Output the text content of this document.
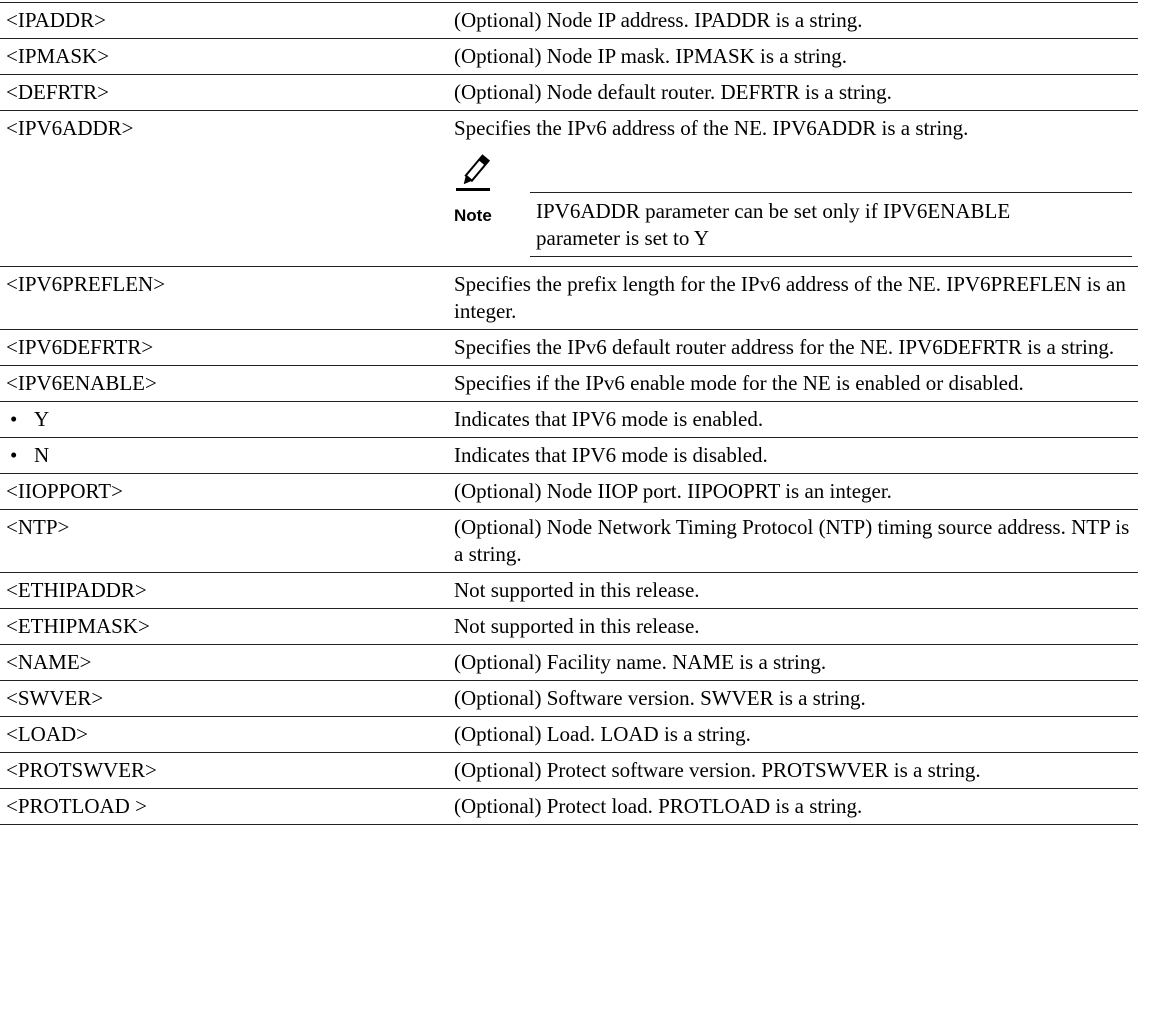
<IPADDR>	(Optional) Node IP address. IPADDR is a string.

<IPMASK>	(Optional) Node IP mask. IPMASK is a string.

<DEFRTR>	(Optional) Node default router. DEFRTR is a string.

<IPV6ADDR>	Specifies the IPv6 address of the NE. IPV6ADDR is a string.
Note IPV6ADDR parameter can be set only if IPV6ENABLE parameter is set to Y

<IPV6PREFLEN>	Specifies the prefix length for the IPv6 address of the NE. IPV6PREFLEN is an integer.

<IPV6DEFRTR>	Specifies the IPv6 default router address for the NE. IPV6DEFRTR is a string.

<IPV6ENABLE>	Specifies if the IPv6 enable mode for the NE is enabled or disabled.

• Y	Indicates that IPV6 mode is enabled.

• N	Indicates that IPV6 mode is disabled.

<IIOPPORT>	(Optional) Node IIOP port. IIPOOPRT is an integer.

<NTP>	(Optional) Node Network Timing Protocol (NTP) timing source address. NTP is a string.

<ETHIPADDR>	Not supported in this release.

<ETHIPMASK>	Not supported in this release.

<NAME>	(Optional) Facility name. NAME is a string.

<SWVER>	(Optional) Software version. SWVER is a string.

<LOAD>	(Optional) Load. LOAD is a string.

<PROTSWVER>	(Optional) Protect software version. PROTSWVER is a string.

<PROTLOAD >	(Optional) Protect load. PROTLOAD is a string.
